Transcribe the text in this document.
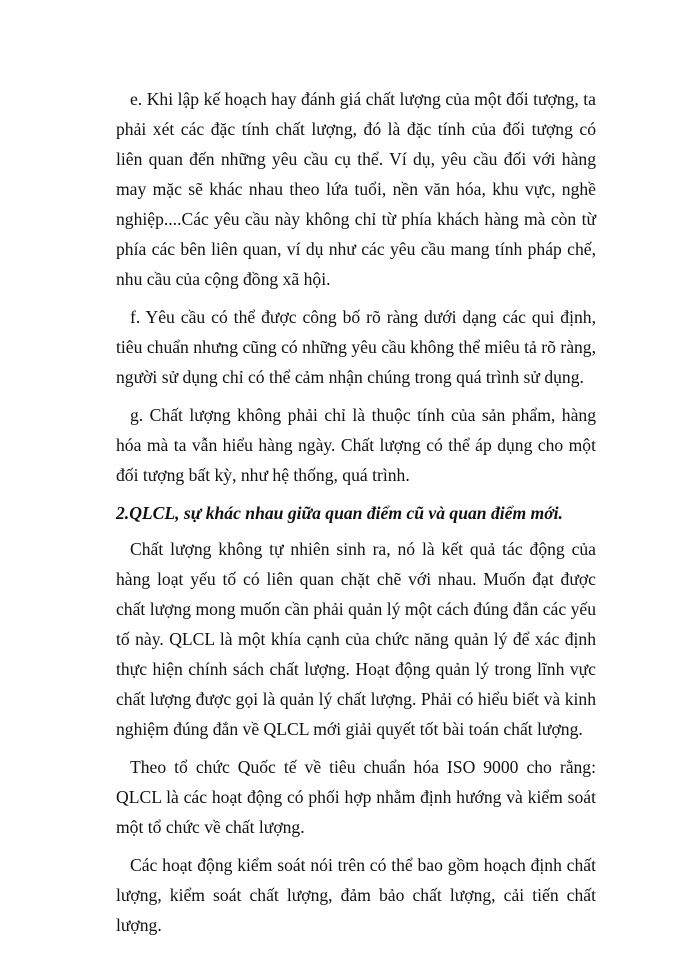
e. Khi lập kế hoạch hay đánh giá chất lượng của một đối tượng, ta phải xét các đặc tính chất lượng, đó là đặc tính của đối tượng có liên quan đến những yêu cầu cụ thể. Ví dụ, yêu cầu đối với hàng may mặc sẽ khác nhau theo lứa tuổi, nền văn hóa, khu vực, nghề nghiệp....Các yêu cầu này không chỉ từ phía khách hàng mà còn từ phía các bên liên quan, ví dụ như các yêu cầu mang tính pháp chế, nhu cầu của cộng đồng xã hội.

f. Yêu cầu có thể được công bố rõ ràng dưới dạng các qui định, tiêu chuẩn nhưng cũng có những yêu cầu không thể miêu tả rõ ràng, người sử dụng chỉ có thể cảm nhận chúng trong quá trình sử dụng.

g. Chất lượng không phải chỉ là thuộc tính của sản phẩm, hàng hóa mà ta vẫn hiểu hàng ngày. Chất lượng có thể áp dụng cho một đối tượng bất kỳ, như hệ thống, quá trình.

2.QLCL, sự khác nhau giữa quan điểm cũ và quan điểm mới.

Chất lượng không tự nhiên sinh ra, nó là kết quả tác động của hàng loạt yếu tố có liên quan chặt chẽ với nhau. Muốn đạt được chất lượng mong muốn cần phải quản lý một cách đúng đắn các yếu tố này. QLCL là một khía cạnh của chức năng quản lý để xác định thực hiện chính sách chất lượng. Hoạt động quản lý trong lĩnh vực chất lượng được gọi là quản lý chất lượng. Phải có hiểu biết và kinh nghiệm đúng đắn về QLCL mới giải quyết tốt bài toán chất lượng.

Theo tổ chức Quốc tế về tiêu chuẩn hóa ISO 9000 cho rằng: QLCL là các hoạt động có phối hợp nhằm định hướng và kiểm soát một tổ chức về chất lượng.

Các hoạt động kiểm soát nói trên có thể bao gồm hoạch định chất lượng, kiểm soát chất lượng, đảm bảo chất lượng, cải tiến chất lượng.
